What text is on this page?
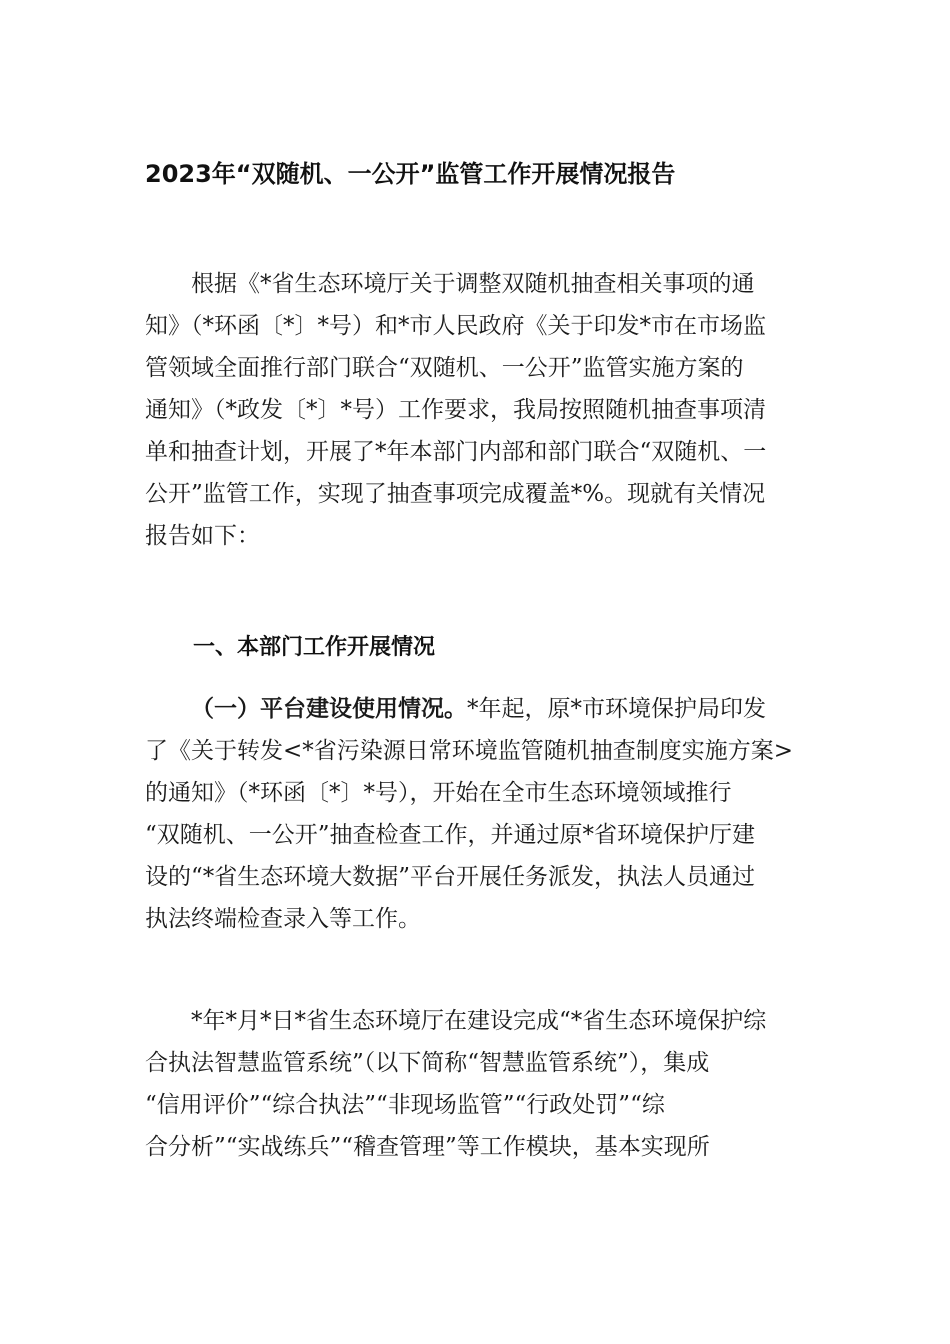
2023年“双随机、一公开”监管工作开展情况报告
　　根据《*省生态环境厅关于调整双随机抽查相关事项的通
知》（*环函〔*〕*号）和*市人民政府《关于印发*市在市场监
管领域全面推行部门联合“双随机、一公开”监管实施方案的
通知》（*政发〔*〕*号）工作要求，我局按照随机抽查事项清
单和抽查计划，开展了*年本部门内部和部门联合“双随机、一
公开”监管工作，实现了抽查事项完成覆盖*%。现就有关情况
报告如下：
一、本部门工作开展情况
（一）平台建设使用情况。*年起，原*市环境保护局印发
了《关于转发<*省污染源日常环境监管随机抽查制度实施方案>
的通知》（*环函〔*〕*号），开始在全市生态环境领域推行
“双随机、一公开”抽查检查工作，并通过原*省环境保护厅建
设的“*省生态环境大数据”平台开展任务派发，执法人员通过
执法终端检查录入等工作。
　　*年*月*日*省生态环境厅在建设完成“*省生态环境保护综
合执法智慧监管系统”（以下简称“智慧监管系统”），集成
“信用评价”“综合执法”“非现场监管”“行政处罚”“综
合分析”“实战练兵”“稽查管理”等工作模块，基本实现所
